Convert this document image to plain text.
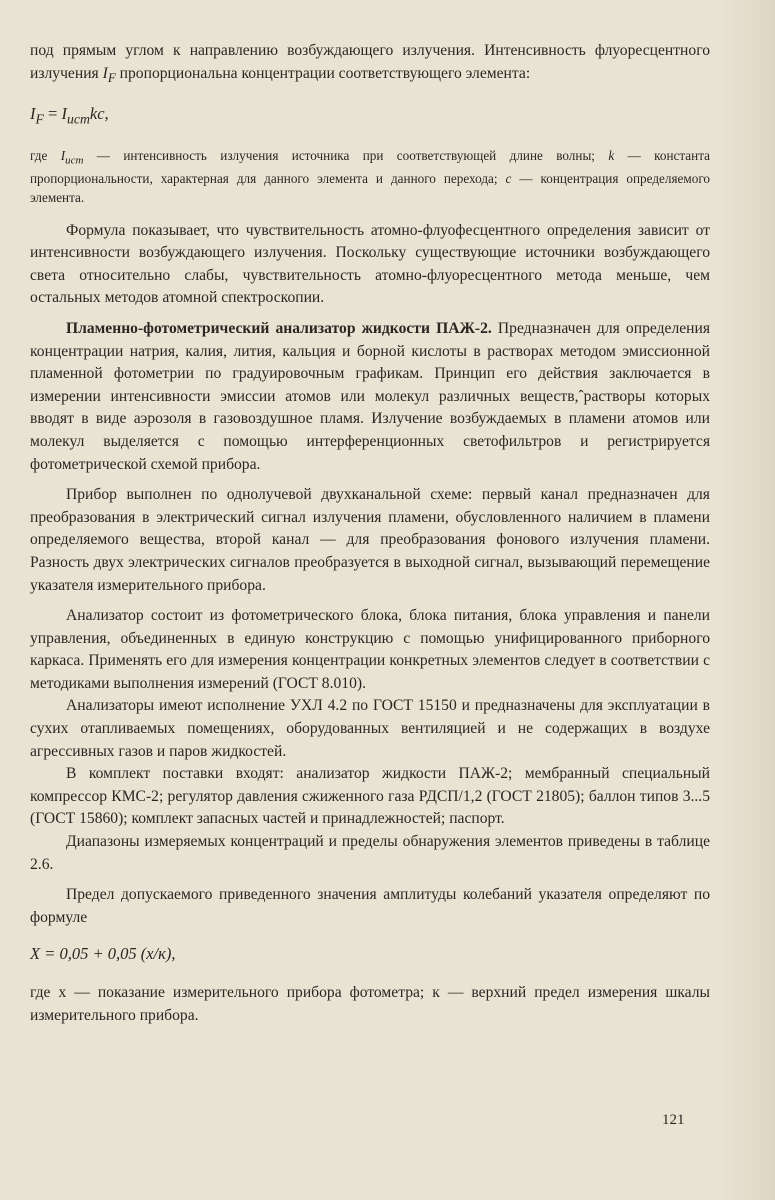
под прямым углом к направлению возбуждающего излучения. Интенсивность флуоресцентного излучения $I_F$ пропорциональна концентрации соответствующего элемента:

$I_F = I_{ист}kc$,

где $I_{ист}$ — интенсивность излучения источника при соответствующей длине волны; k — константа пропорциональности, характерная для данного элемента и данного перехода; c — концентрация определяемого элемента.

Формула показывает, что чувствительность атомно-флуофесцентного определения зависит от интенсивности возбуждающего излучения. Поскольку существующие источники возбуждающего света относительно слабы, чувствительность атомно-флуоресцентного метода меньше, чем остальных методов атомной спектроскопии.

Пламенно-фотометрический анализатор жидкости ПАЖ-2. Предназначен для определения концентрации натрия, калия, лития, кальция и борной кислоты в растворах методом эмиссионной пламенной фотометрии по градуировочным графикам. Принцип его действия заключается в измерении интенсивности эмиссии атомов или молекул различных веществ,ˆрастворы которых вводят в виде аэрозоля в газовоздушное пламя. Излучение возбуждаемых в пламени атомов или молекул выделяется с помощью интерференционных светофильтров и регистрируется фотометрической схемой прибора.

Прибор выполнен по однолучевой двухканальной схеме: первый канал предназначен для преобразования в электрический сигнал излучения пламени, обусловленного наличием в пламени определяемого вещества, второй канал — для преобразования фонового излучения пламени. Разность двух электрических сигналов преобразуется в выходной сигнал, вызывающий перемещение указателя измерительного прибора.

Анализатор состоит из фотометрического блока, блока питания, блока управления и панели управления, объединенных в единую конструкцию с помощью унифицированного приборного каркаса. Применять его для измерения концентрации конкретных элементов следует в соответствии с методиками выполнения измерений (ГОСТ 8.010).

Анализаторы имеют исполнение УХЛ 4.2 по ГОСТ 15150 и предназначены для эксплуатации в сухих отапливаемых помещениях, оборудованных вентиляцией и не содержащих в воздухе агрессивных газов и паров жидкостей.

В комплект поставки входят: анализатор жидкости ПАЖ-2; мембранный специальный компрессор КМС-2; регулятор давления сжиженного газа РДСП/1,2 (ГОСТ 21805); баллон типов 3...5 (ГОСТ 15860); комплект запасных частей и принадлежностей; паспорт.

Диапазоны измеряемых концентраций и пределы обнаружения элементов приведены в таблице 2.6.

Предел допускаемого приведенного значения амплитуды колебаний указателя определяют по формуле

X = 0,05 + 0,05 (x/к),

где x — показание измерительного прибора фотометра; к — верхний предел измерения шкалы измерительного прибора.

121
